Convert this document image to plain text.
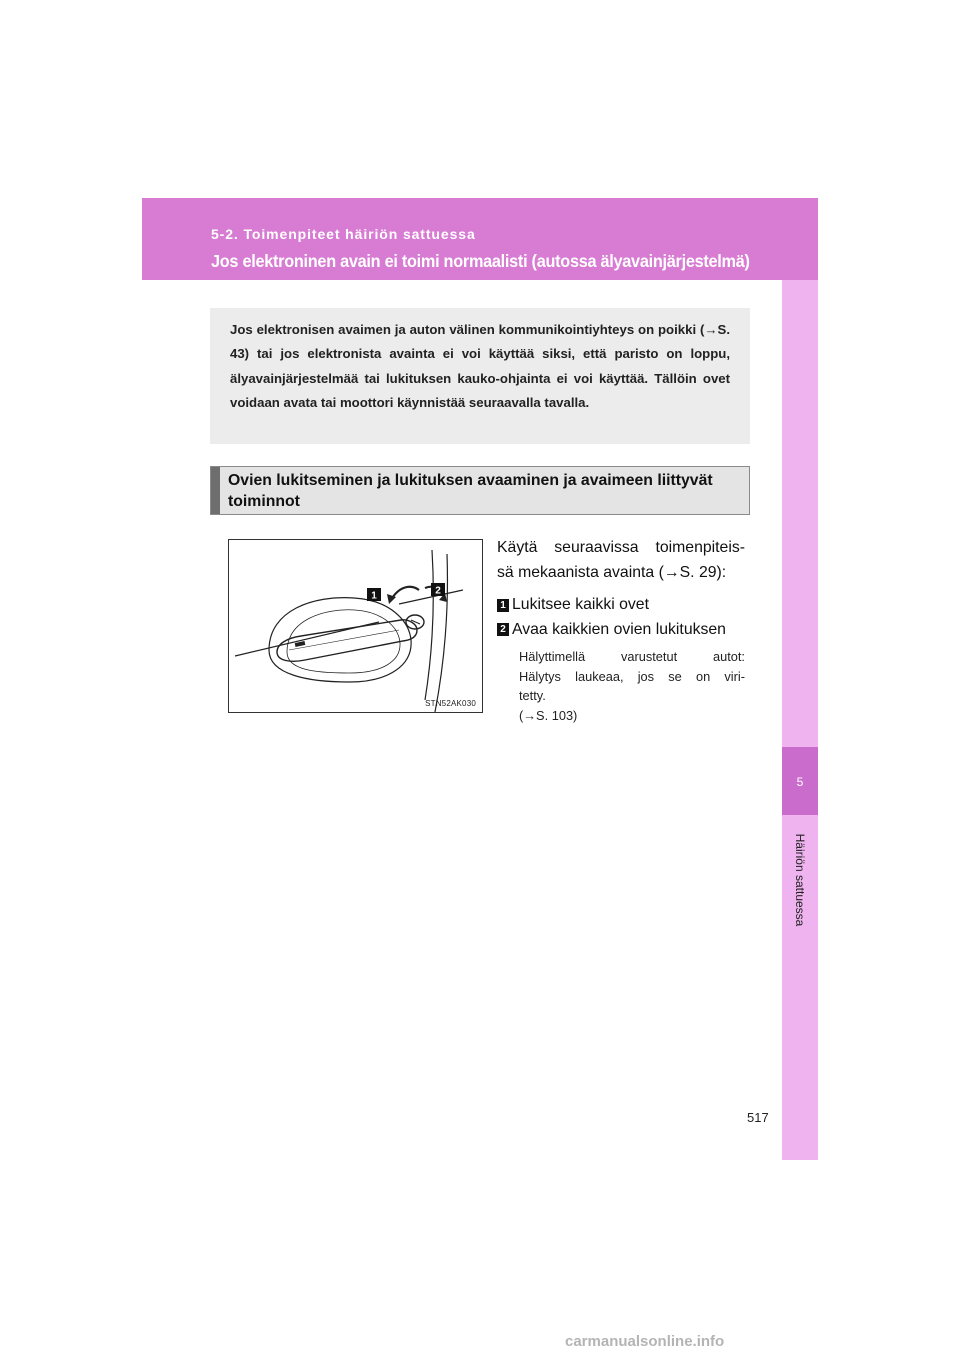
5-2. Toimenpiteet häiriön sattuessa
Jos elektroninen avain ei toimi normaalisti (autossa älyavainjärjestelmä)
5
Häiriön sattuessa
Jos elektronisen avaimen ja auton välinen kommunikointiyhteys on poikki (→S. 43) tai jos elektronista avainta ei voi käyttää siksi, että paristo on loppu, älyavainjärjestelmää tai lukituksen kauko-ohjainta ei voi käyttää. Tällöin ovet voidaan avata tai moottori käynnistää seuraavalla tavalla.
Ovien lukitseminen ja lukituksen avaaminen ja avaimeen liittyvät toiminnot
1	2
STN52AK030
Käytä seuraavissa toimenpiteis-
sä mekaanista avainta (→S. 29):
1 Lukitsee kaikki ovet
2 Avaa kaikkien ovien lukituksen
Hälyttimellä varustetut autot:
Hälytys laukeaa, jos se on viri-
tetty.
(→S. 103)
517
carmanualsonline.info
